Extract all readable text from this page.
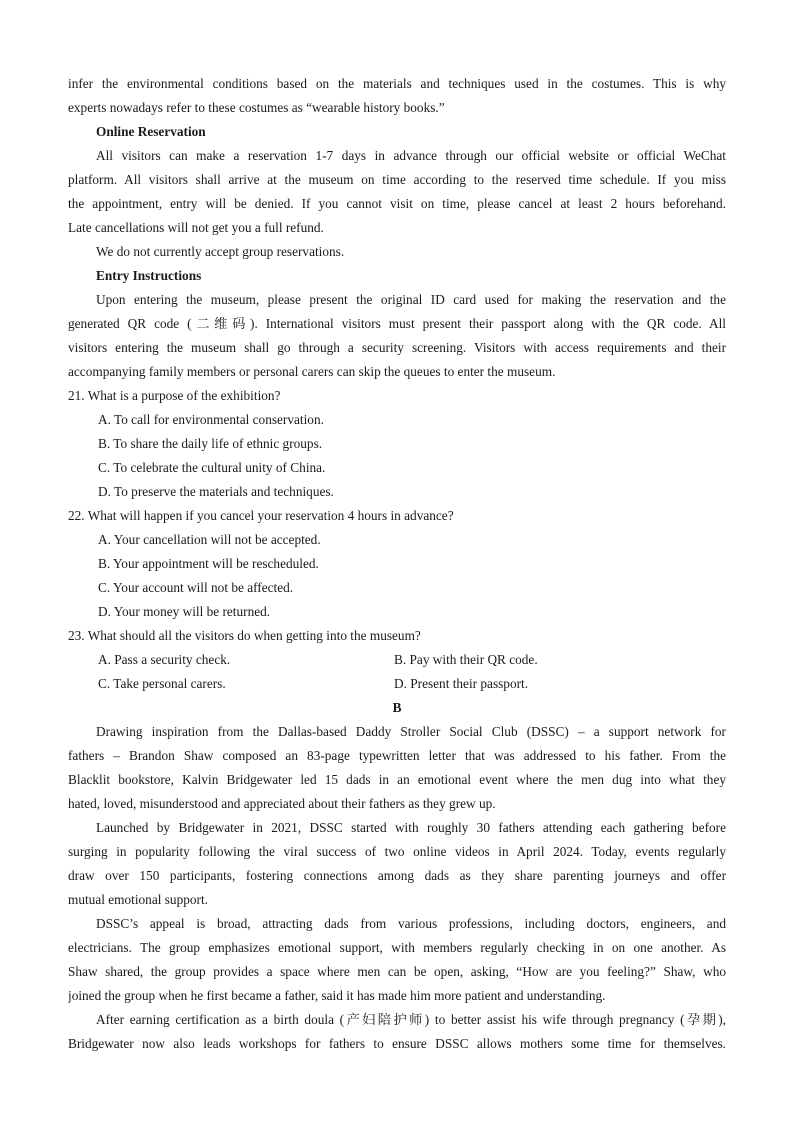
infer the environmental conditions based on the materials and techniques used in the costumes. This is why
experts nowadays refer to these costumes as “wearable history books.”
Online Reservation
All visitors can make a reservation 1-7 days in advance through our official website or official WeChat
platform. All visitors shall arrive at the museum on time according to the reserved time schedule. If you miss
the appointment, entry will be denied. If you cannot visit on time, please cancel at least 2 hours beforehand.
Late cancellations will not get you a full refund.
We do not currently accept group reservations.
Entry Instructions
Upon entering the museum, please present the original ID card used for making the reservation and the
generated QR code (二维码). International visitors must present their passport along with the QR code. All
visitors entering the museum shall go through a security screening. Visitors with access requirements and their
accompanying family members or personal carers can skip the queues to enter the museum.
21. What is a purpose of the exhibition?
A. To call for environmental conservation.
B. To share the daily life of ethnic groups.
C. To celebrate the cultural unity of China.
D. To preserve the materials and techniques.
22. What will happen if you cancel your reservation 4 hours in advance?
A. Your cancellation will not be accepted.
B. Your appointment will be rescheduled.
C. Your account will not be affected.
D. Your money will be returned.
23. What should all the visitors do when getting into the museum?
A. Pass a security check.	B. Pay with their QR code.
C. Take personal carers.	D. Present their passport.
B
Drawing inspiration from the Dallas-based Daddy Stroller Social Club (DSSC) – a support network for
fathers – Brandon Shaw composed an 83-page typewritten letter that was addressed to his father. From the
Blacklit bookstore, Kalvin Bridgewater led 15 dads in an emotional event where the men dug into what they
hated, loved, misunderstood and appreciated about their fathers as they grew up.
Launched by Bridgewater in 2021, DSSC started with roughly 30 fathers attending each gathering before
surging in popularity following the viral success of two online videos in April 2024. Today, events regularly
draw over 150 participants, fostering connections among dads as they share parenting journeys and offer
mutual emotional support.
DSSC’s appeal is broad, attracting dads from various professions, including doctors, engineers, and
electricians. The group emphasizes emotional support, with members regularly checking in on one another. As
Shaw shared, the group provides a space where men can be open, asking, “How are you feeling?” Shaw, who
joined the group when he first became a father, said it has made him more patient and understanding.
After earning certification as a birth doula (产妇陪护师) to better assist his wife through pregnancy (孕期),
Bridgewater now also leads workshops for fathers to ensure DSSC allows mothers some time for themselves.
